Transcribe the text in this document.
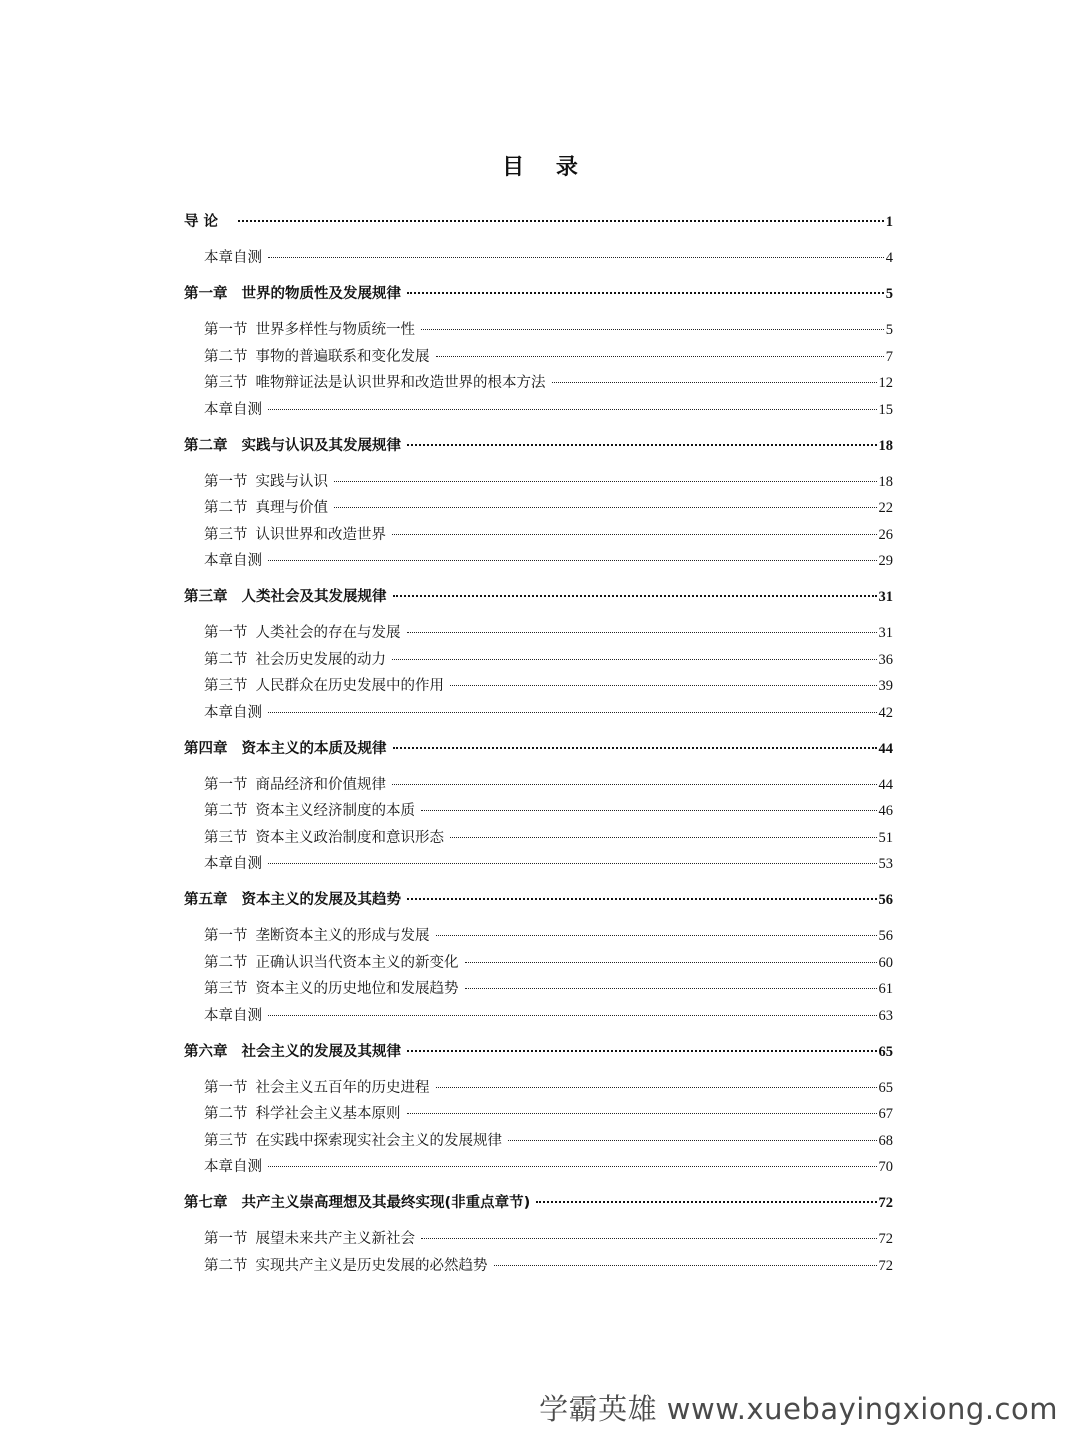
目 录
导 论	1
本章自测	4
第一章 世界的物质性及发展规律	5
第一节 世界多样性与物质统一性	5
第二节 事物的普遍联系和变化发展	7
第三节 唯物辩证法是认识世界和改造世界的根本方法	12
本章自测	15
第二章 实践与认识及其发展规律	18
第一节 实践与认识	18
第二节 真理与价值	22
第三节 认识世界和改造世界	26
本章自测	29
第三章 人类社会及其发展规律	31
第一节 人类社会的存在与发展	31
第二节 社会历史发展的动力	36
第三节 人民群众在历史发展中的作用	39
本章自测	42
第四章 资本主义的本质及规律	44
第一节 商品经济和价值规律	44
第二节 资本主义经济制度的本质	46
第三节 资本主义政治制度和意识形态	51
本章自测	53
第五章 资本主义的发展及其趋势	56
第一节 垄断资本主义的形成与发展	56
第二节 正确认识当代资本主义的新变化	60
第三节 资本主义的历史地位和发展趋势	61
本章自测	63
第六章 社会主义的发展及其规律	65
第一节 社会主义五百年的历史进程	65
第二节 科学社会主义基本原则	67
第三节 在实践中探索现实社会主义的发展规律	68
本章自测	70
第七章 共产主义崇高理想及其最终实现(非重点章节)	72
第一节 展望未来共产主义新社会	72
第二节 实现共产主义是历史发展的必然趋势	72
学霸英雄 www.xuebayingxiong.com
